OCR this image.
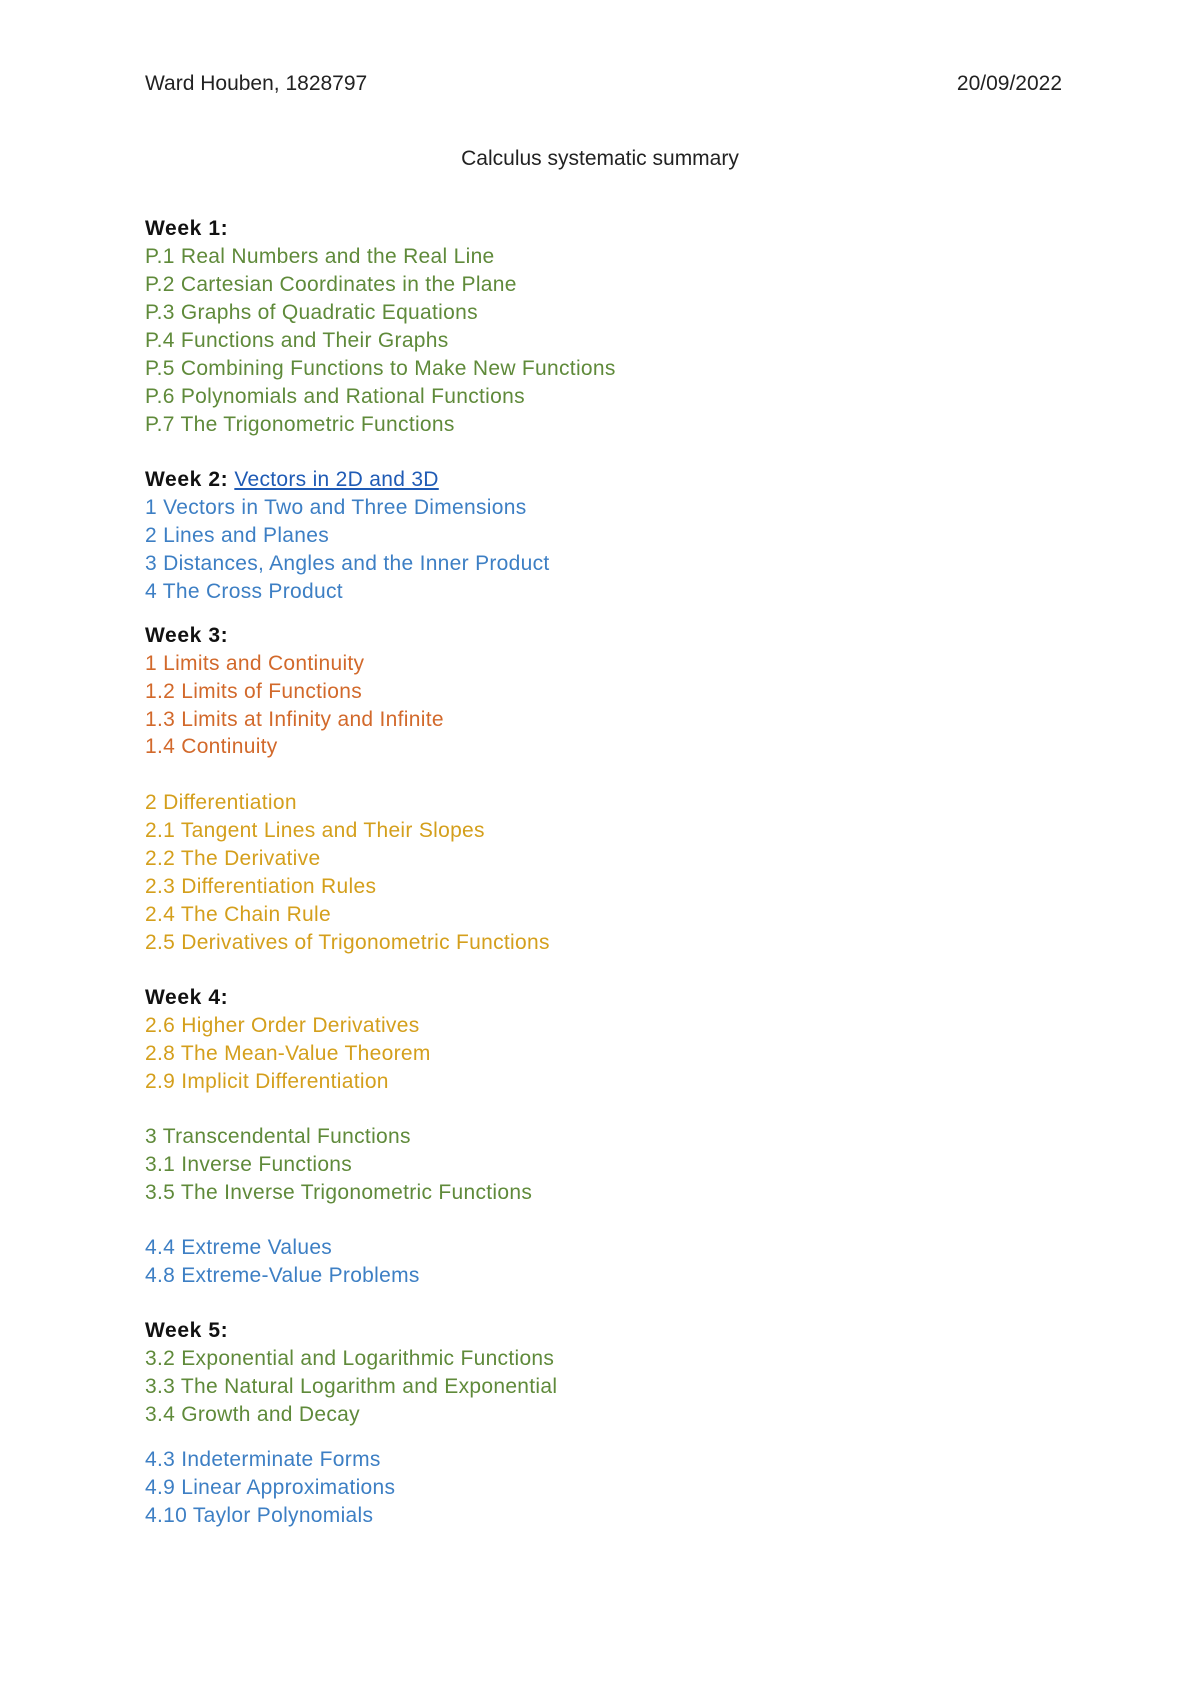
Ward Houben, 1828797	20/09/2022
Calculus systematic summary
Week 1:
P.1 Real Numbers and the Real Line
P.2 Cartesian Coordinates in the Plane
P.3 Graphs of Quadratic Equations
P.4 Functions and Their Graphs
P.5 Combining Functions to Make New Functions
P.6 Polynomials and Rational Functions
P.7 The Trigonometric Functions
Week 2: Vectors in 2D and 3D
1 Vectors in Two and Three Dimensions
2 Lines and Planes
3 Distances, Angles and the Inner Product
4 The Cross Product
Week 3:
1 Limits and Continuity
1.2 Limits of Functions
1.3 Limits at Infinity and Infinite
1.4 Continuity
2 Differentiation
2.1 Tangent Lines and Their Slopes
2.2 The Derivative
2.3 Differentiation Rules
2.4 The Chain Rule
2.5 Derivatives of Trigonometric Functions
Week 4:
2.6 Higher Order Derivatives
2.8 The Mean-Value Theorem
2.9 Implicit Differentiation
3 Transcendental Functions
3.1 Inverse Functions
3.5 The Inverse Trigonometric Functions
4.4 Extreme Values
4.8 Extreme-Value Problems
Week 5:
3.2 Exponential and Logarithmic Functions
3.3 The Natural Logarithm and Exponential
3.4 Growth and Decay
4.3 Indeterminate Forms
4.9 Linear Approximations
4.10 Taylor Polynomials
